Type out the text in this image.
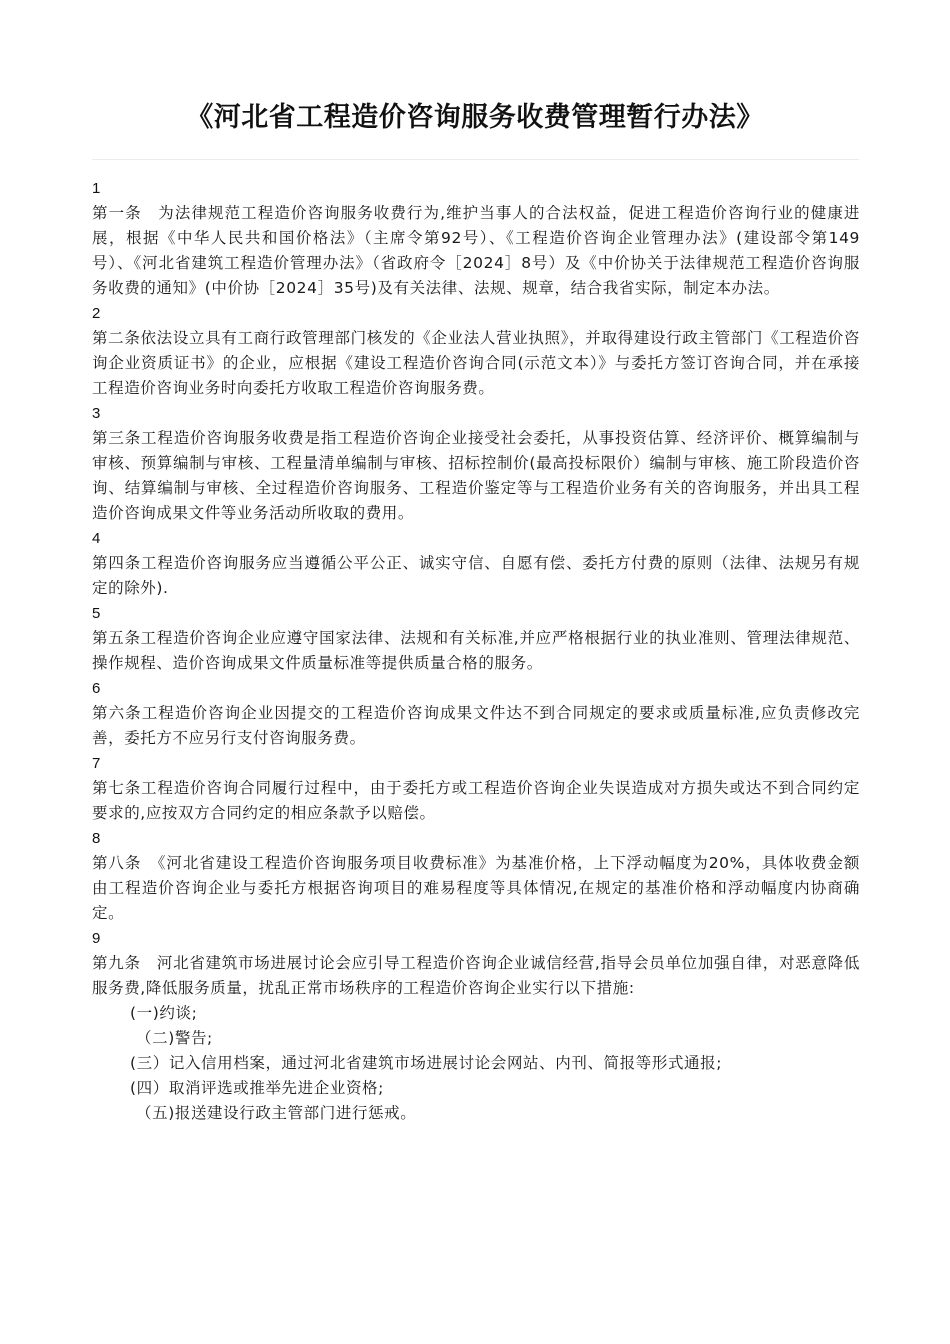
《河北省工程造价咨询服务收费管理暂行办法》
1

第一条　为法律规范工程造价咨询服务收费行为,维护当事人的合法权益，促进工程造价咨询行业的健康进展，根据《中华人民共和国价格法》（主席令第92号）、《工程造价咨询企业管理办法》(建设部令第149号）、《河北省建筑工程造价管理办法》（省政府令［2024］8号）及《中价协关于法律规范工程造价咨询服务收费的通知》(中价协［2024］35号)及有关法律、法规、规章，结合我省实际，制定本办法。

2

第二条依法设立具有工商行政管理部门核发的《企业法人营业执照》，并取得建设行政主管部门《工程造价咨询企业资质证书》的企业，应根据《建设工程造价咨询合同(示范文本）》与委托方签订咨询合同，并在承接工程造价咨询业务时向委托方收取工程造价咨询服务费。

3

第三条工程造价咨询服务收费是指工程造价咨询企业接受社会委托，从事投资估算、经济评价、概算编制与审核、预算编制与审核、工程量清单编制与审核、招标控制价(最高投标限价）编制与审核、施工阶段造价咨询、结算编制与审核、全过程造价咨询服务、工程造价鉴定等与工程造价业务有关的咨询服务，并出具工程造价咨询成果文件等业务活动所收取的费用。

4

第四条工程造价咨询服务应当遵循公平公正、诚实守信、自愿有偿、委托方付费的原则（法律、法规另有规定的除外).

5

第五条工程造价咨询企业应遵守国家法律、法规和有关标准,并应严格根据行业的执业准则、管理法律规范、操作规程、造价咨询成果文件质量标准等提供质量合格的服务。

6

第六条工程造价咨询企业因提交的工程造价咨询成果文件达不到合同规定的要求或质量标准,应负责修改完善，委托方不应另行支付咨询服务费。

7

第七条工程造价咨询合同履行过程中，由于委托方或工程造价咨询企业失误造成对方损失或达不到合同约定要求的,应按双方合同约定的相应条款予以赔偿。

8

第八条　《河北省建设工程造价咨询服务项目收费标准》为基准价格，上下浮动幅度为20%，具体收费金额由工程造价咨询企业与委托方根据咨询项目的难易程度等具体情况,在规定的基准价格和浮动幅度内协商确定。

9

第九条　河北省建筑市场进展讨论会应引导工程造价咨询企业诚信经营,指导会员单位加强自律，对恶意降低服务费,降低服务质量，扰乱正常市场秩序的工程造价咨询企业实行以下措施:

(一)约谈;
（二)警告;
(三）记入信用档案，通过河北省建筑市场进展讨论会网站、内刊、简报等形式通报;
(四）取消评选或推举先进企业资格;
（五)报送建设行政主管部门进行惩戒。
